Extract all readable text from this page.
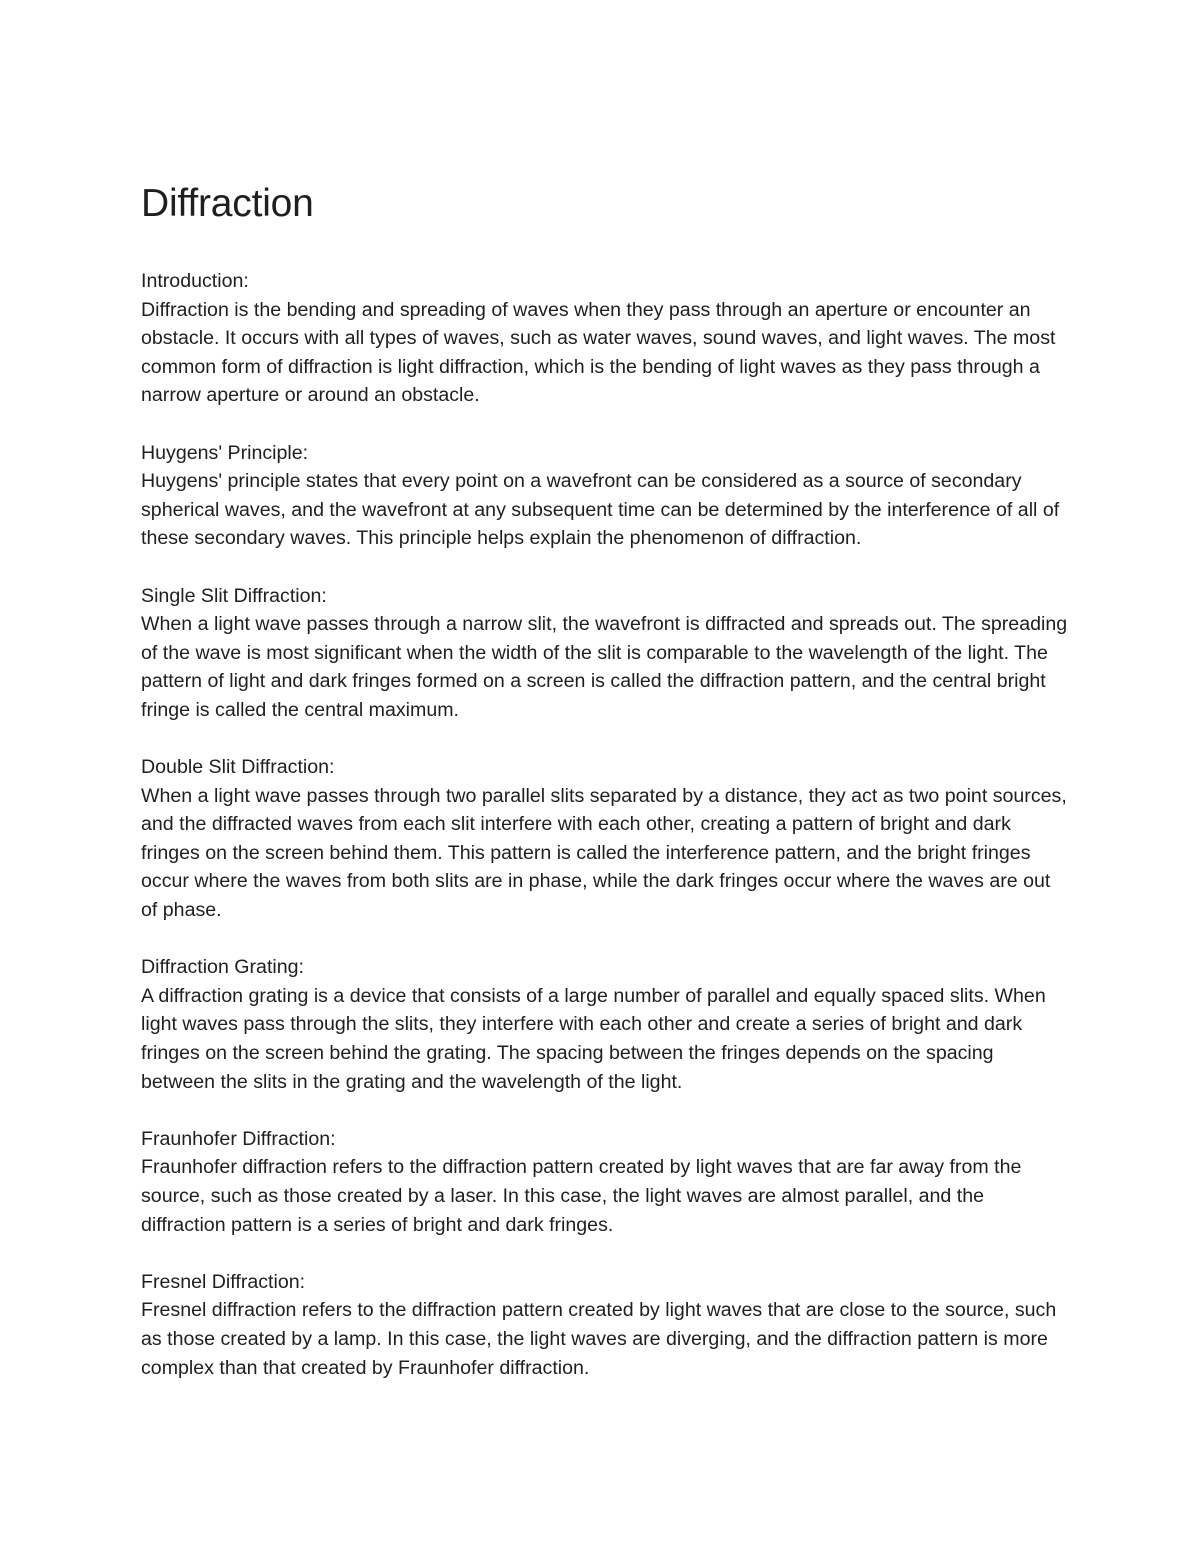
Diffraction

Introduction:

Diffraction is the bending and spreading of waves when they pass through an aperture or encounter an obstacle. It occurs with all types of waves, such as water waves, sound waves, and light waves. The most common form of diffraction is light diffraction, which is the bending of light waves as they pass through a narrow aperture or around an obstacle.

Huygens' Principle:

Huygens' principle states that every point on a wavefront can be considered as a source of secondary spherical waves, and the wavefront at any subsequent time can be determined by the interference of all of these secondary waves. This principle helps explain the phenomenon of diffraction.

Single Slit Diffraction:

When a light wave passes through a narrow slit, the wavefront is diffracted and spreads out. The spreading of the wave is most significant when the width of the slit is comparable to the wavelength of the light. The pattern of light and dark fringes formed on a screen is called the diffraction pattern, and the central bright fringe is called the central maximum.

Double Slit Diffraction:

When a light wave passes through two parallel slits separated by a distance, they act as two point sources, and the diffracted waves from each slit interfere with each other, creating a pattern of bright and dark fringes on the screen behind them. This pattern is called the interference pattern, and the bright fringes occur where the waves from both slits are in phase, while the dark fringes occur where the waves are out of phase.

Diffraction Grating:

A diffraction grating is a device that consists of a large number of parallel and equally spaced slits. When light waves pass through the slits, they interfere with each other and create a series of bright and dark fringes on the screen behind the grating. The spacing between the fringes depends on the spacing between the slits in the grating and the wavelength of the light.

Fraunhofer Diffraction:

Fraunhofer diffraction refers to the diffraction pattern created by light waves that are far away from the source, such as those created by a laser. In this case, the light waves are almost parallel, and the diffraction pattern is a series of bright and dark fringes.

Fresnel Diffraction:

Fresnel diffraction refers to the diffraction pattern created by light waves that are close to the source, such as those created by a lamp. In this case, the light waves are diverging, and the diffraction pattern is more complex than that created by Fraunhofer diffraction.
